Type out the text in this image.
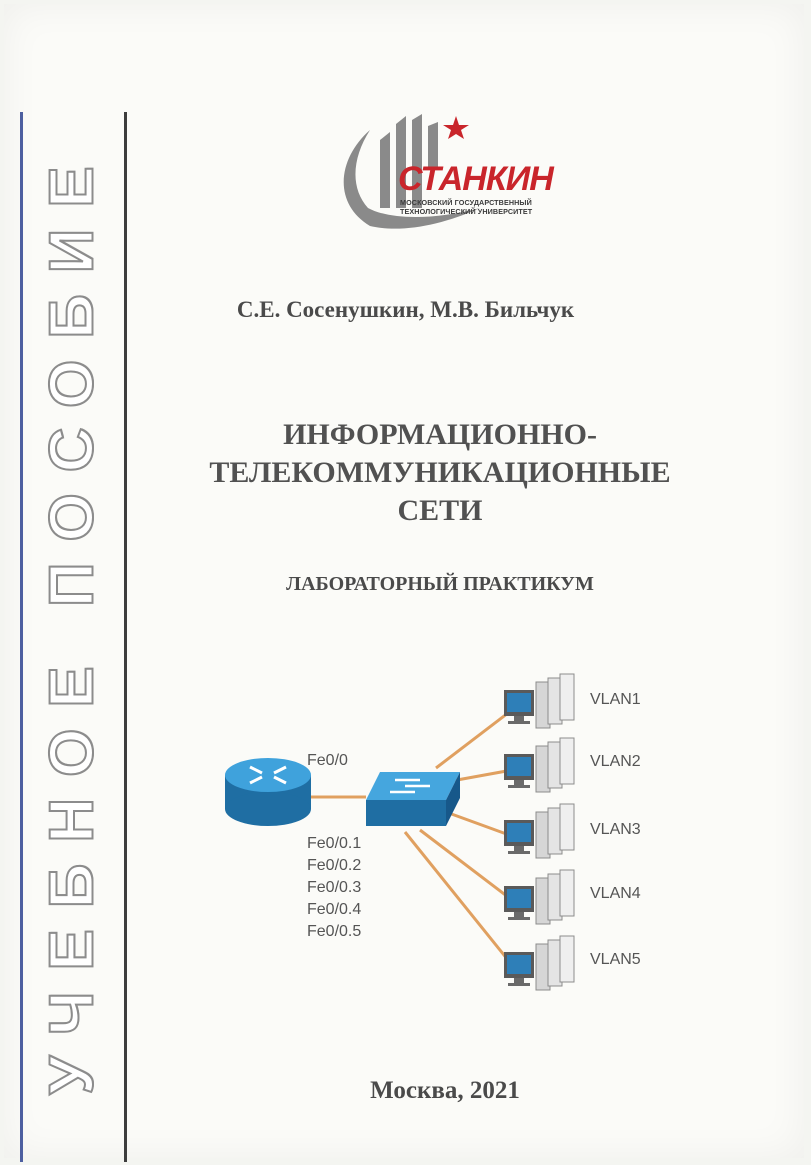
УЧЕБНОЕ ПОСОБИЕ	СТАНКИН
МОСКОВСКИЙ ГОСУДАРСТВЕННЫЙ
ТЕХНОЛОГИЧЕСКИЙ УНИВЕРСИТЕТ
С.Е. Сосенушкин, М.В. Бильчук
ИНФОРМАЦИОННО-
ТЕЛЕКОММУНИКАЦИОННЫЕ
СЕТИ
ЛАБОРАТОРНЫЙ ПРАКТИКУМ
Fe0/0
Fe0/0.1
Fe0/0.2
Fe0/0.3
Fe0/0.4
Fe0/0.5
VLAN1
VLAN2
VLAN3
VLAN4
VLAN5
Москва, 2021
